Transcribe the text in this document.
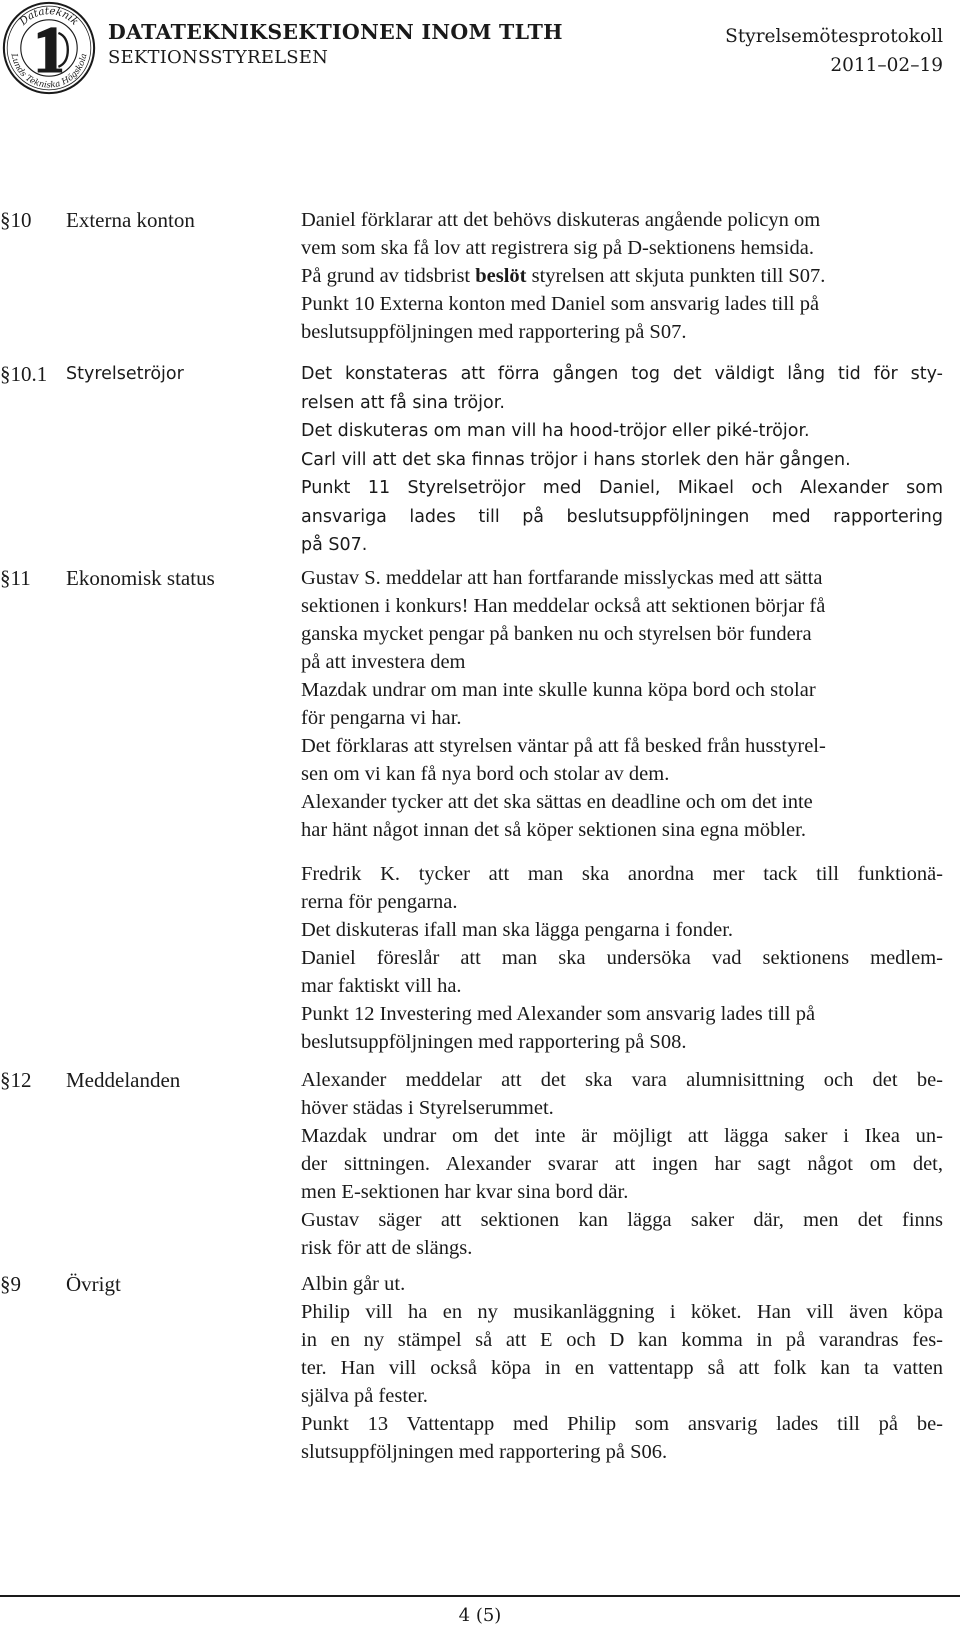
Datateknik
Lunds Tekniska Högskola
DATATEKNIKSEKTIONEN INOM TLTH
SEKTIONSSTYRELSEN
Styrelsemötesprotokoll
2011–02–19
§10 Externa konton	Daniel förklarar att det behövs diskuteras angående policyn om
vem som ska få lov att registrera sig på D-sektionens hemsida.
På grund av tidsbrist beslöt styrelsen att skjuta punkten till S07.
Punkt 10 Externa konton med Daniel som ansvarig lades till på
beslutsuppföljningen med rapportering på S07.
§10.1 Styrelsetröjor	Det konstateras att förra gången tog det väldigt lång tid för sty-
relsen att få sina tröjor.
Det diskuteras om man vill ha hood-tröjor eller piké-tröjor.
Carl vill att det ska finnas tröjor i hans storlek den här gången.
Punkt 11 Styrelsetröjor med Daniel, Mikael och Alexander som
ansvariga lades till på beslutsuppföljningen med rapportering
på S07.
§11 Ekonomisk status	Gustav S. meddelar att han fortfarande misslyckas med att sätta
sektionen i konkurs! Han meddelar också att sektionen börjar få
ganska mycket pengar på banken nu och styrelsen bör fundera
på att investera dem
Mazdak undrar om man inte skulle kunna köpa bord och stolar
för pengarna vi har.
Det förklaras att styrelsen väntar på att få besked från husstyrel-
sen om vi kan få nya bord och stolar av dem.
Alexander tycker att det ska sättas en deadline och om det inte
har hänt något innan det så köper sektionen sina egna möbler.
Fredrik K. tycker att man ska anordna mer tack till funktionä-
rerna för pengarna.
Det diskuteras ifall man ska lägga pengarna i fonder.
Daniel föreslår att man ska undersöka vad sektionens medlem-
mar faktiskt vill ha.
Punkt 12 Investering med Alexander som ansvarig lades till på
beslutsuppföljningen med rapportering på S08.
§12 Meddelanden	Alexander meddelar att det ska vara alumnisittning och det be-
höver städas i Styrelserummet.
Mazdak undrar om det inte är möjligt att lägga saker i Ikea un-
der sittningen. Alexander svarar att ingen har sagt något om det,
men E-sektionen har kvar sina bord där.
Gustav säger att sektionen kan lägga saker där, men det finns
risk för att de slängs.
§9 Övrigt	Albin går ut.
Philip vill ha en ny musikanläggning i köket. Han vill även köpa
in en ny stämpel så att E och D kan komma in på varandras fes-
ter. Han vill också köpa in en vattentapp så att folk kan ta vatten
själva på fester.
Punkt 13 Vattentapp med Philip som ansvarig lades till på be-
slutsuppföljningen med rapportering på S06.
4 (5)
